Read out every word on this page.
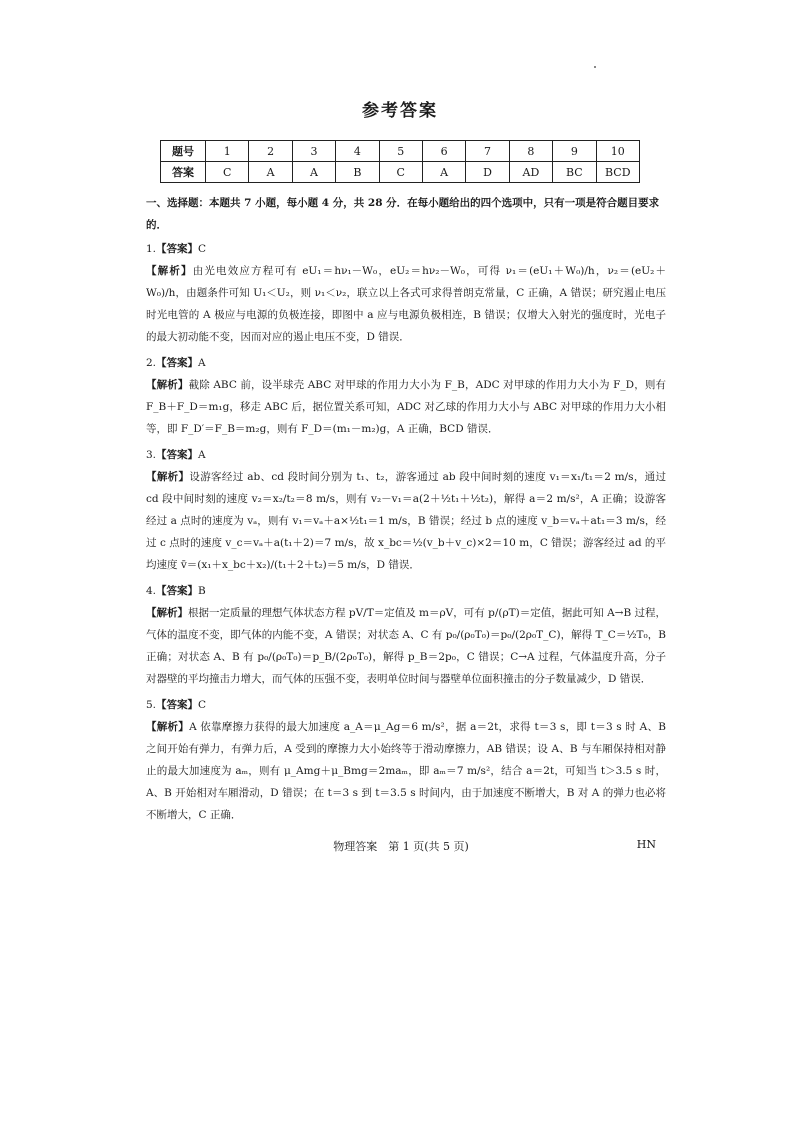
参考答案
题号	1	2	3	4	5	6	7	8	9	10
答案	C	A	A	B	C	A	D	AD	BC	BCD
一、选择题：本题共 7 小题，每小题 4 分，共 28 分．在每小题给出的四个选项中，只有一项是符合题目要求的．
1.【答案】C
【解析】由光电效应方程可有 eU₁＝hν₁－W₀，eU₂＝hν₂－W₀，可得 ν₁＝(eU₁＋W₀)/h，ν₂＝(eU₂＋W₀)/h，由题条件可知 U₁＜U₂，则 ν₁＜ν₂，联立以上各式可求得普朗克常量，C 正确，A 错误；研究遏止电压时光电管的 A 极应与电源的负极连接，即图中 a 应与电源负极相连，B 错误；仅增大入射光的强度时，光电子的最大初动能不变，因而对应的遏止电压不变，D 错误．
2.【答案】A
【解析】截除 ABC 前，设半球壳 ABC 对甲球的作用力大小为 F_B，ADC 对甲球的作用力大小为 F_D，则有 F_B＋F_D＝m₁g，移走 ABC 后，据位置关系可知，ADC 对乙球的作用力大小与 ABC 对甲球的作用力大小相等，即 F_D′＝F_B＝m₂g，则有 F_D＝(m₁－m₂)g，A 正确，BCD 错误．
3.【答案】A
【解析】设游客经过 ab、cd 段时间分别为 t₁、t₂，游客通过 ab 段中间时刻的速度 v₁＝x₁/t₁＝2 m/s，通过 cd 段中间时刻的速度 v₂＝x₂/t₂＝8 m/s，则有 v₂－v₁＝a(2＋½t₁＋½t₂)，解得 a＝2 m/s²，A 正确；设游客经过 a 点时的速度为 vₐ，则有 v₁＝vₐ＋a×½t₁＝1 m/s，B 错误；经过 b 点的速度 v_b＝vₐ＋at₁＝3 m/s，经过 c 点时的速度 v_c＝vₐ＋a(t₁＋2)＝7 m/s，故 x_bc＝½(v_b＋v_c)×2＝10 m，C 错误；游客经过 ad 的平均速度 v̄＝(x₁＋x_bc＋x₂)/(t₁＋2＋t₂)＝5 m/s，D 错误．
4.【答案】B
【解析】根据一定质量的理想气体状态方程 pV/T＝定值及 m＝ρV，可有 p/(ρT)＝定值，据此可知 A→B 过程，气体的温度不变，即气体的内能不变，A 错误；对状态 A、C 有 p₀/(ρ₀T₀)＝p₀/(2ρ₀T_C)，解得 T_C＝½T₀，B 正确；对状态 A、B 有 p₀/(ρ₀T₀)＝p_B/(2ρ₀T₀)，解得 p_B＝2p₀，C 错误；C→A 过程，气体温度升高，分子对器壁的平均撞击力增大，而气体的压强不变，表明单位时间与器壁单位面积撞击的分子数量减少，D 错误．
5.【答案】C
【解析】A 依靠摩擦力获得的最大加速度 a_A＝μ_Ag＝6 m/s²，据 a＝2t，求得 t＝3 s，即 t＝3 s 时 A、B 之间开始有弹力，有弹力后，A 受到的摩擦力大小始终等于滑动摩擦力，AB 错误；设 A、B 与车厢保持相对静止的最大加速度为 aₘ，则有 μ_Amg＋μ_Bmg＝2maₘ，即 aₘ＝7 m/s²，结合 a＝2t，可知当 t＞3.5 s 时，A、B 开始相对车厢滑动，D 错误；在 t＝3 s 到 t＝3.5 s 时间内，由于加速度不断增大，B 对 A 的弹力也必将不断增大，C 正确．
物理答案　第 1 页(共 5 页)	HN
